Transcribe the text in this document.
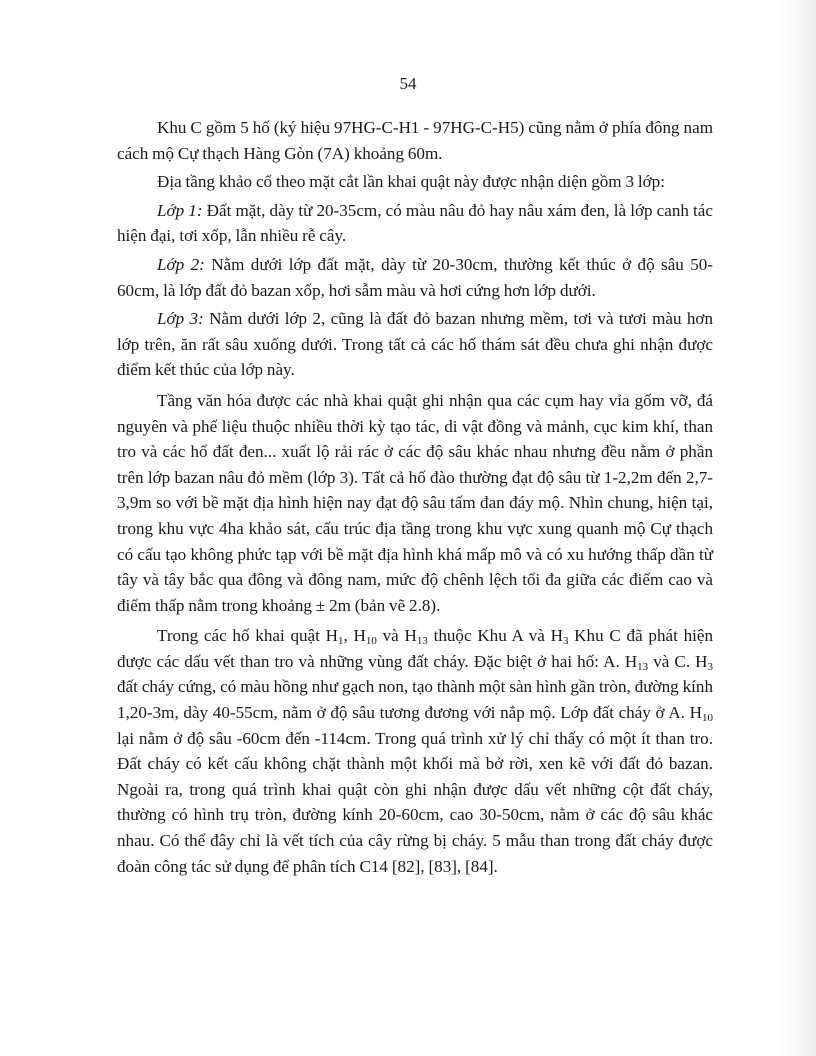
54

Khu C gồm 5 hố (ký hiệu 97HG-C-H1 - 97HG-C-H5) cũng nằm ở phía đông nam cách mộ Cự thạch Hàng Gòn (7A) khoảng 60m.

Địa tầng khảo cổ theo mặt cắt lần khai quật này được nhận diện gồm 3 lớp:

Lớp 1: Đất mặt, dày từ 20-35cm, có màu nâu đỏ hay nâu xám đen, là lớp canh tác hiện đại, tơi xốp, lẫn nhiều rễ cây.

Lớp 2: Nằm dưới lớp đất mặt, dày từ 20-30cm, thường kết thúc ở độ sâu 50-60cm, là lớp đất đỏ bazan xốp, hơi sẫm màu và hơi cứng hơn lớp dưới.

Lớp 3: Nằm dưới lớp 2, cũng là đất đỏ bazan nhưng mềm, tơi và tươi màu hơn lớp trên, ăn rất sâu xuống dưới. Trong tất cả các hố thám sát đều chưa ghi nhận được điểm kết thúc của lớp này.

Tầng văn hóa được các nhà khai quật ghi nhận qua các cụm hay vỉa gốm vỡ, đá nguyên và phế liệu thuộc nhiều thời kỳ tạo tác, di vật đồng và mảnh, cục kim khí, than tro và các hố đất đen... xuất lộ rải rác ở các độ sâu khác nhau nhưng đều nằm ở phần trên lớp bazan nâu đỏ mềm (lớp 3). Tất cả hố đào thường đạt độ sâu từ 1-2,2m đến 2,7-3,9m so với bề mặt địa hình hiện nay đạt độ sâu tấm đan đáy mộ. Nhìn chung, hiện tại, trong khu vực 4ha khảo sát, cấu trúc địa tầng trong khu vực xung quanh mộ Cự thạch có cấu tạo không phức tạp với bề mặt địa hình khá mấp mô và có xu hướng thấp dần từ tây và tây bắc qua đông và đông nam, mức độ chênh lệch tối đa giữa các điểm cao và điểm thấp nằm trong khoảng ± 2m (bản vẽ 2.8).

Trong các hố khai quật $H_1$, $H_{10}$ và $H_{13}$ thuộc Khu A và $H_3$ Khu C đã phát hiện được các dấu vết than tro và những vùng đất cháy. Đặc biệt ở hai hố: A. $H_{13}$ và C. $H_3$ đất cháy cứng, có màu hồng như gạch non, tạo thành một sàn hình gần tròn, đường kính 1,20-3m, dày 40-55cm, nằm ở độ sâu tương đương với nắp mộ. Lớp đất cháy ở A. $H_{10}$ lại nằm ở độ sâu -60cm đến -114cm. Trong quá trình xử lý chỉ thấy có một ít than tro. Đất cháy có kết cấu không chặt thành một khối mà bở rời, xen kẽ với đất đỏ bazan. Ngoài ra, trong quá trình khai quật còn ghi nhận được dấu vết những cột đất cháy, thường có hình trụ tròn, đường kính 20-60cm, cao 30-50cm, nằm ở các độ sâu khác nhau. Có thể đây chỉ là vết tích của cây rừng bị cháy. 5 mẫu than trong đất cháy được đoàn công tác sử dụng để phân tích C14 [82], [83], [84].
